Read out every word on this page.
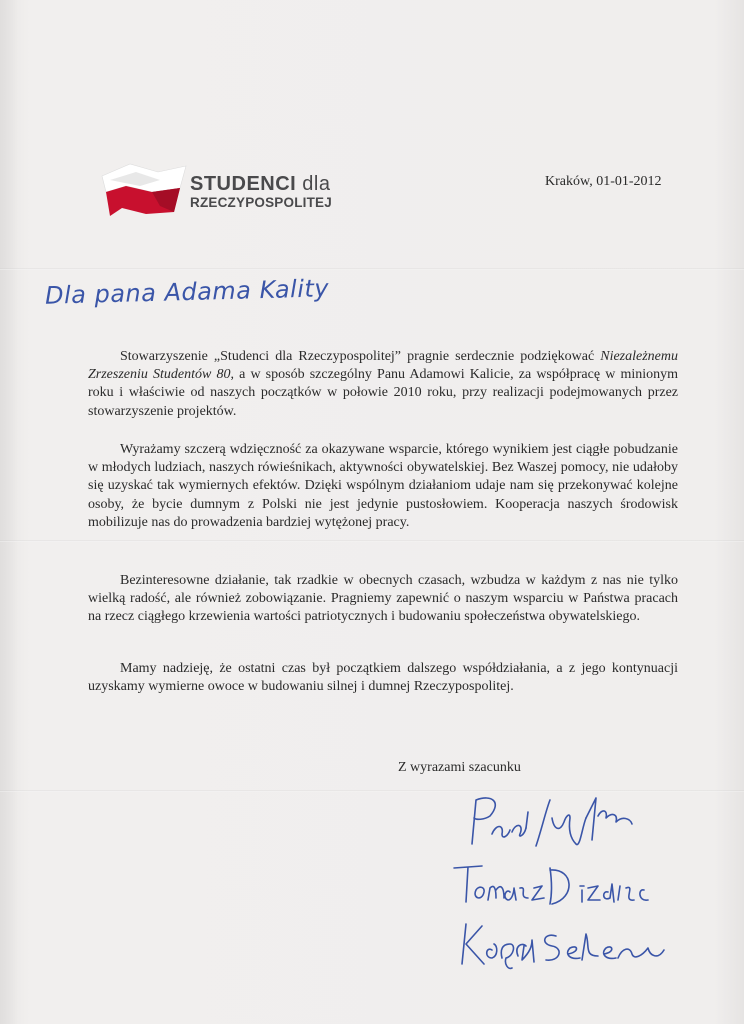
STUDENCI dla
RZECZYPOSPOLITEJ
Kraków, 01-01-2012
Dla pana Adama Kality

Stowarzyszenie „Studenci dla Rzeczypospolitej” pragnie serdecznie podziękować Niezależnemu Zrzeszeniu Studentów 80, a w sposób szczególny Panu Adamowi Kalicie, za współpracę w minionym roku i właściwie od naszych początków w połowie 2010 roku, przy realizacji podejmowanych przez stowarzyszenie projektów.

Wyrażamy szczerą wdzięczność za okazywane wsparcie, którego wynikiem jest ciągłe pobudzanie w młodych ludziach, naszych rówieśnikach, aktywności obywatelskiej. Bez Waszej pomocy, nie udałoby się uzyskać tak wymiernych efektów. Dzięki wspólnym działaniom udaje nam się przekonywać kolejne osoby, że bycie dumnym z Polski nie jest jedynie pustosłowiem. Kooperacja naszych środowisk mobilizuje nas do prowadzenia bardziej wytężonej pracy.

Bezinteresowne działanie, tak rzadkie w obecnych czasach, wzbudza w każdym z nas nie tylko wielką radość, ale również zobowiązanie. Pragniemy zapewnić o naszym wsparciu w Państwa pracach na rzecz ciągłego krzewienia wartości patriotycznych i budowaniu społeczeństwa obywatelskiego.

Mamy nadzieję, że ostatni czas był początkiem dalszego współdziałania, a z jego kontynuacji uzyskamy wymierne owoce w budowaniu silnej i dumnej Rzeczypospolitej.

Z wyrazami szacunku
